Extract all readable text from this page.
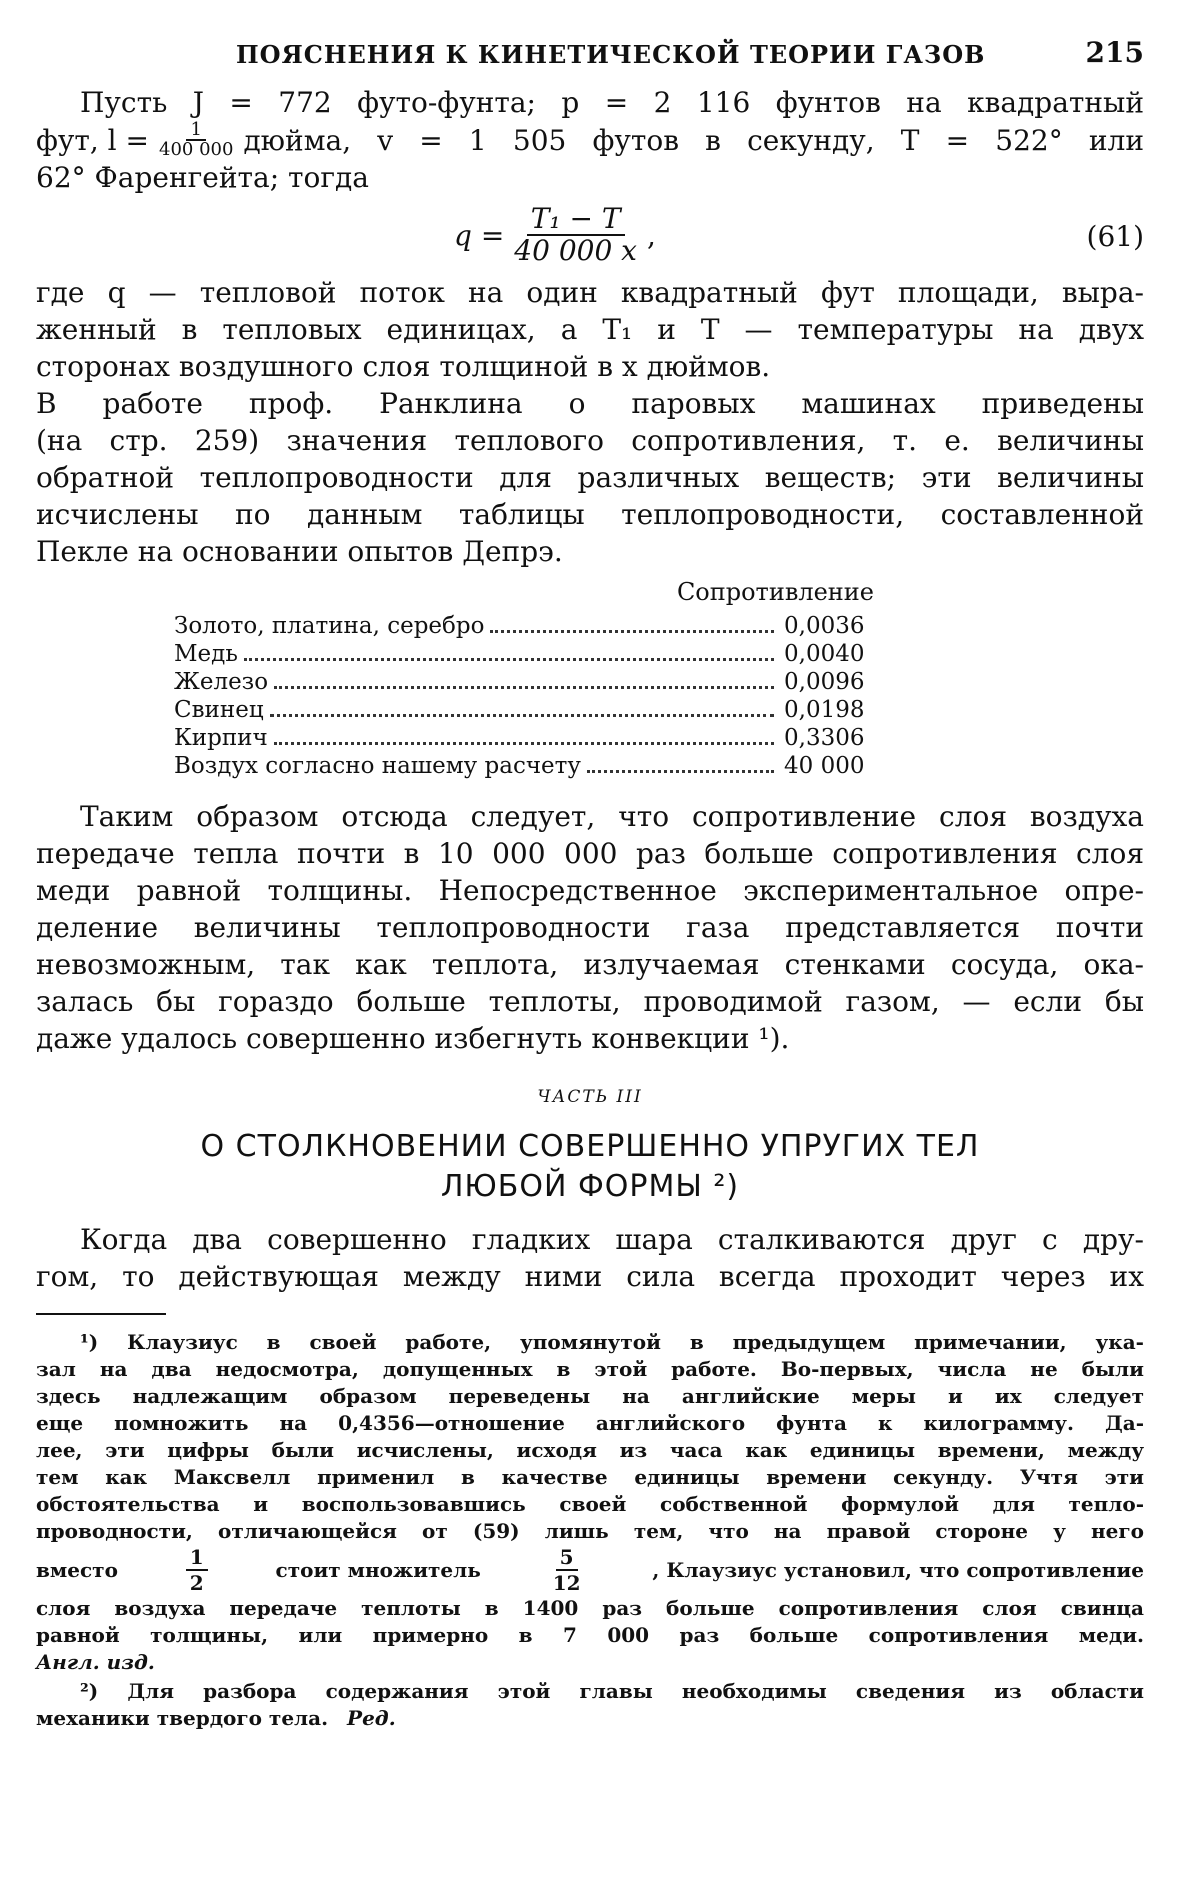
ПОЯСНЕНИЯ К КИНЕТИЧЕСКОЙ ТЕОРИИ ГАЗОВ	215

Пусть J = 772 футо-фунта; p = 2 116 фунтов на квадратный

фут, $l = \frac{1}{400 000}$ дюйма, v = 1 505 футов в секунду, T = 522° или

62° Фаренгейта; тогда

$q = \frac{\text{T₁ − T}}{40 000 x}$ ,	(61)

где q — тепловой поток на один квадратный фут площади, выра-
женный в тепловых единицах, а T₁ и T — температуры на двух
сторонах воздушного слоя толщиной в x дюймов.

В работе проф. Ранклина о паровых машинах приведены

(на стр. 259) значения теплового сопротивления, т. е. величины
обратной теплопроводности для различных веществ; эти величины
исчислены по данным таблицы теплопроводности, составленной
Пекле на основании опытов Депрэ.

Сопротивление
Золото, платина, серебро	0,0036
Медь	0,0040
Железо	0,0096
Свинец	0,0198
Кирпич	0,3306
Воздух согласно нашему расчету	40 000

Таким образом отсюда следует, что сопротивление слоя воздуха
передаче тепла почти в 10 000 000 раз больше сопротивления слоя
меди равной толщины. Непосредственное экспериментальное опре-
деление величины теплопроводности газа представляется почти
невозможным, так как теплота, излучаемая стенками сосуда, ока-
залась бы гораздо больше теплоты, проводимой газом, — если бы
даже удалось совершенно избегнуть конвекции ¹).

ЧАСТЬ III
О СТОЛКНОВЕНИИ СОВЕРШЕННО УПРУГИХ ТЕЛ
ЛЮБОЙ ФОРМЫ ²)

Когда два совершенно гладких шара сталкиваются друг с дру-
гом, то действующая между ними сила всегда проходит через их

¹) Клаузиус в своей работе, упомянутой в предыдущем примечании, ука-
зал на два недосмотра, допущенных в этой работе. Во-первых, числа не были
здесь надлежащим образом переведены на английские меры и их следует
еще помножить на 0,4356—отношение английского фунта к килограмму. Да-
лее, эти цифры были исчислены, исходя из часа как единицы времени, между
тем как Максвелл применил в качестве единицы времени секунду. Учтя эти
обстоятельства и воспользовавшись своей собственной формулой для тепло-
проводности, отличающейся от (59) лишь тем, что на правой стороне у него

вместо	$\frac{1}{2}$	стоит множитель	$\frac{5}{12}$	, Клаузиус установил, что сопротивление

слоя воздуха передаче теплоты в 1400 раз больше сопротивления слоя свинца
равной толщины, или примерно в 7 000 раз больше сопротивления меди.
Англ. изд.

²) Для разбора содержания этой главы необходимы сведения из области
механики твердого тела. Ред.
